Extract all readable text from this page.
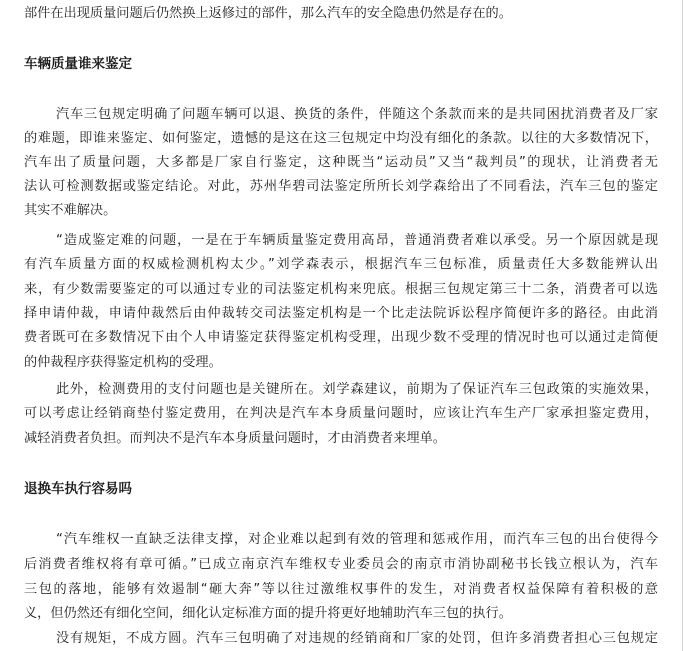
部件在出现质量问题后仍然换上返修过的部件，那么汽车的安全隐患仍然是存在的。
车辆质量谁来鉴定
汽车三包规定明确了问题车辆可以退、换货的条件，伴随这个条款而来的是共同困扰消费者及厂家
的难题，即谁来鉴定、如何鉴定，遗憾的是这在这三包规定中均没有细化的条款。以往的大多数情况下，
汽车出了质量问题，大多都是厂家自行鉴定，这种既当“运动员”又当“裁判员”的现状，让消费者无
法认可检测数据或鉴定结论。对此，苏州华碧司法鉴定所所长刘学森给出了不同看法，汽车三包的鉴定
其实不难解决。
“造成鉴定难的问题，一是在于车辆质量鉴定费用高昂，普通消费者难以承受。另一个原因就是现
有汽车质量方面的权威检测机构太少。”刘学森表示，根据汽车三包标准，质量责任大多数能辨认出
来，有少数需要鉴定的可以通过专业的司法鉴定机构来兜底。根据三包规定第三十二条，消费者可以选
择申请仲裁，申请仲裁然后由仲裁转交司法鉴定机构是一个比走法院诉讼程序简便许多的路径。由此消
费者既可在多数情况下由个人申请鉴定获得鉴定机构受理，出现少数不受理的情况时也可以通过走简便
的仲裁程序获得鉴定机构的受理。
此外，检测费用的支付问题也是关键所在。刘学森建议，前期为了保证汽车三包政策的实施效果，
可以考虑让经销商垫付鉴定费用，在判决是汽车本身质量问题时，应该让汽车生产厂家承担鉴定费用，
减轻消费者负担。而判决不是汽车本身质量问题时，才由消费者来埋单。
退换车执行容易吗
“汽车维权一直缺乏法律支撑，对企业难以起到有效的管理和惩戒作用，而汽车三包的出台使得今
后消费者维权将有章可循。”已成立南京汽车维权专业委员会的南京市消协副秘书长钱立根认为，汽车
三包的落地，能够有效遏制“砸大奔”等以往过激维权事件的发生，对消费者权益保障有着积极的意
义，但仍然还有细化空间，细化认定标准方面的提升将更好地辅助汽车三包的执行。
没有规矩，不成方圆。汽车三包明确了对违规的经销商和厂家的处罚，但许多消费者担心三包规定
